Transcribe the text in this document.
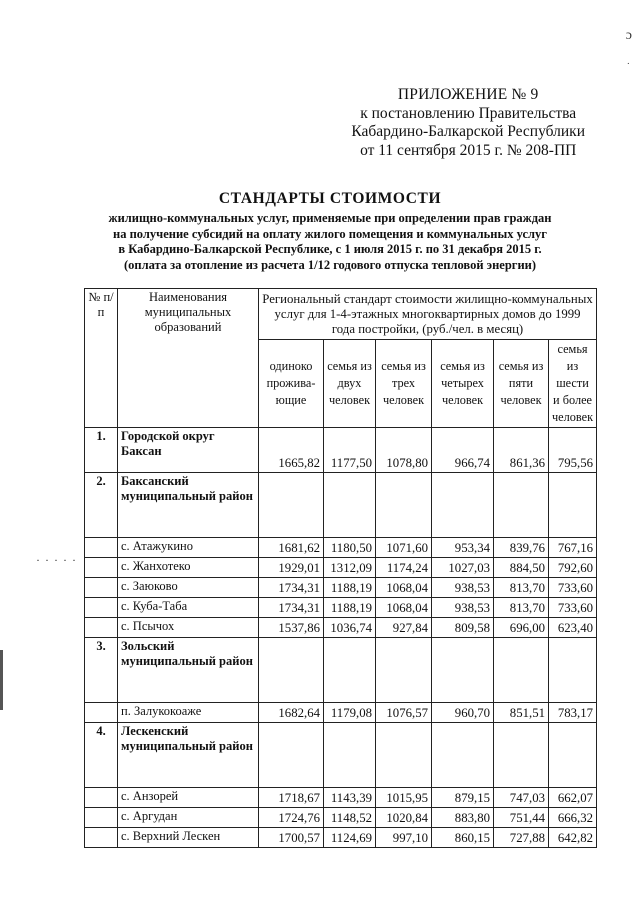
ɔ
˙
ПРИЛОЖЕНИЕ № 9
к постановлению Правительства
Кабардино-Балкарской Республики
от 11 сентября 2015 г. № 208-ПП
СТАНДАРТЫ СТОИМОСТИ
жилищно-коммунальных услуг, применяемые при определении прав граждан
на получение субсидий на оплату жилого помещения и коммунальных услуг
в Кабардино-Балкарской Республике, с 1 июля 2015 г. по 31 декабря 2015 г.
(оплата за отопление из расчета 1/12 годового отпуска тепловой энергии)
№ п/п	Наименования муниципальных образований	Региональный стандарт стоимости жилищно-коммунальных услуг для 1-4-этажных многоквартирных домов до 1999 года постройки, (руб./чел. в месяц)					
		одиноко прожива-ющие	семья из двух человек	семья из трех человек	семья из четырех человек	семья из пяти человек	семья из шести и более человек
1.	Городской округ Баксан	1665,82	1177,50	1078,80	966,74	861,36	795,56
2.	Баксанский муниципальный район						
	с. Атажукино	1681,62	1180,50	1071,60	953,34	839,76	767,16
	с. Жанхотеко	1929,01	1312,09	1174,24	1027,03	884,50	792,60
	с. Заюково	1734,31	1188,19	1068,04	938,53	813,70	733,60
	с. Куба-Таба	1734,31	1188,19	1068,04	938,53	813,70	733,60
	с. Псычох	1537,86	1036,74	927,84	809,58	696,00	623,40
3.	Зольский муниципальный район						
	п. Залукокоаже	1682,64	1179,08	1076,57	960,70	851,51	783,17
4.	Лескенский муниципальный район						
	с. Анзорей	1718,67	1143,39	1015,95	879,15	747,03	662,07
	с. Аргудан	1724,76	1148,52	1020,84	883,80	751,44	666,32
	с. Верхний Лескен	1700,57	1124,69	997,10	860,15	727,88	642,82
· · · · ·
